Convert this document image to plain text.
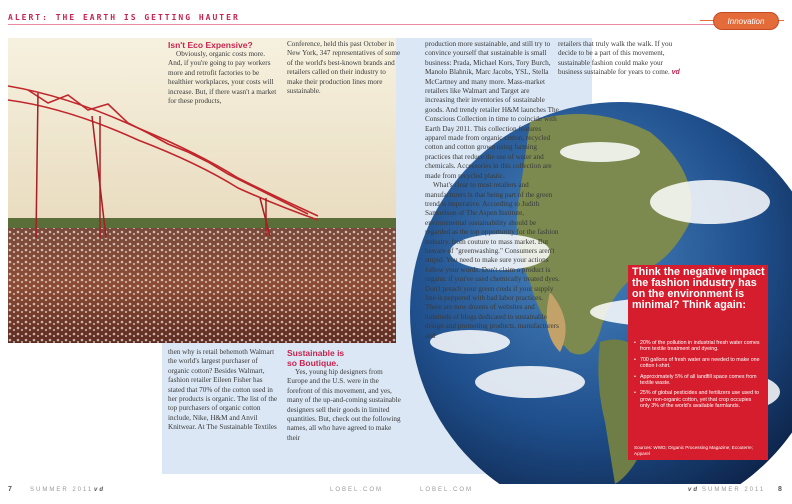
ALERT: THE EARTH IS GETTING HAUTER	Innovation
Isn't Eco Expensive?

Obviously, organic costs more. And, if you're going to pay workers more and retrofit factories to be healthier workplaces, your costs will increase. But, if there wasn't a market for these products,

Conference, held this past October in New York, 347 representatives of some of the world's best-known brands and retailers called on their industry to make their production lines more sustainable.

production more sustainable, and still try to convince yourself that sustainable is small business: Prada, Michael Kors, Tory Burch, Manolo Blahnik, Marc Jacobs, YSL, Stella McCartney and many more. Mass-market retailers like Walmart and Target are increasing their inventories of sustainable goods. And trendy retailer H&M launches The Conscious Collection in time to coincide with Earth Day 2011. This collection features apparel made from organic cotton, recycled cotton and cotton grown using farming practices that reduce the use of water and chemicals. Accessories in this collection are made from recycled plastic.

What's clear to most retailers and manufacturers is that being part of the green trend is imperative. According to Judith Samuelson of The Aspen Institute, environmental sustainability should be regarded as the top opportunity for the fashion industry, from couture to mass market. But beware of "greenwashing." Consumers aren't stupid. You need to make sure your actions follow your words. Don't claim a product is organic if you've used chemically treated dyes. Don't preach your green creds if your supply line is peppered with bad labor practices. There are now dozens of websites and hundreds of blogs dedicated to sustainable design and promoting products, manufacturers and

retailers that truly walk the walk. If you decide to be a part of this movement, sustainable fashion could make your business sustainable for years to come. vd

then why is retail behemoth Walmart the world's largest purchaser of organic cotton? Besides Walmart, fashion retailer Eileen Fisher has stated that 70% of the cotton used in her products is organic. The list of the top purchasers of organic cotton include, Nike, H&M and Anvil Knitwear. At The Sustainable Textiles

Sustainable is
so Boutique.

Yes, young hip designers from Europe and the U.S. were in the forefront of this movement, and yes, many of the up-and-coming sustainable designers sell their goods in limited quantities. But, check out the following names, all who have agreed to make their

Think the negative impact the fashion industry has on the environment is minimal? Think again:
• 20% of the pollution in industrial fresh water comes from textile treatment and dyeing.
• 700 gallons of fresh water are needed to make one cotton t-shirt.
• Approximately 5% of all landfill space comes from textile waste.
• 25% of global pesticides and fertilizers use used to grow non-organic cotton, yet that crop occupies only 3% of the world's available farmlands.
Sources: WWD; Organic Processing Magazine; Ecouterre; Apparel
7	SUMMER 2011 vd	LOBEL.COM	LOBEL.COM	vd SUMMER 2011 8
